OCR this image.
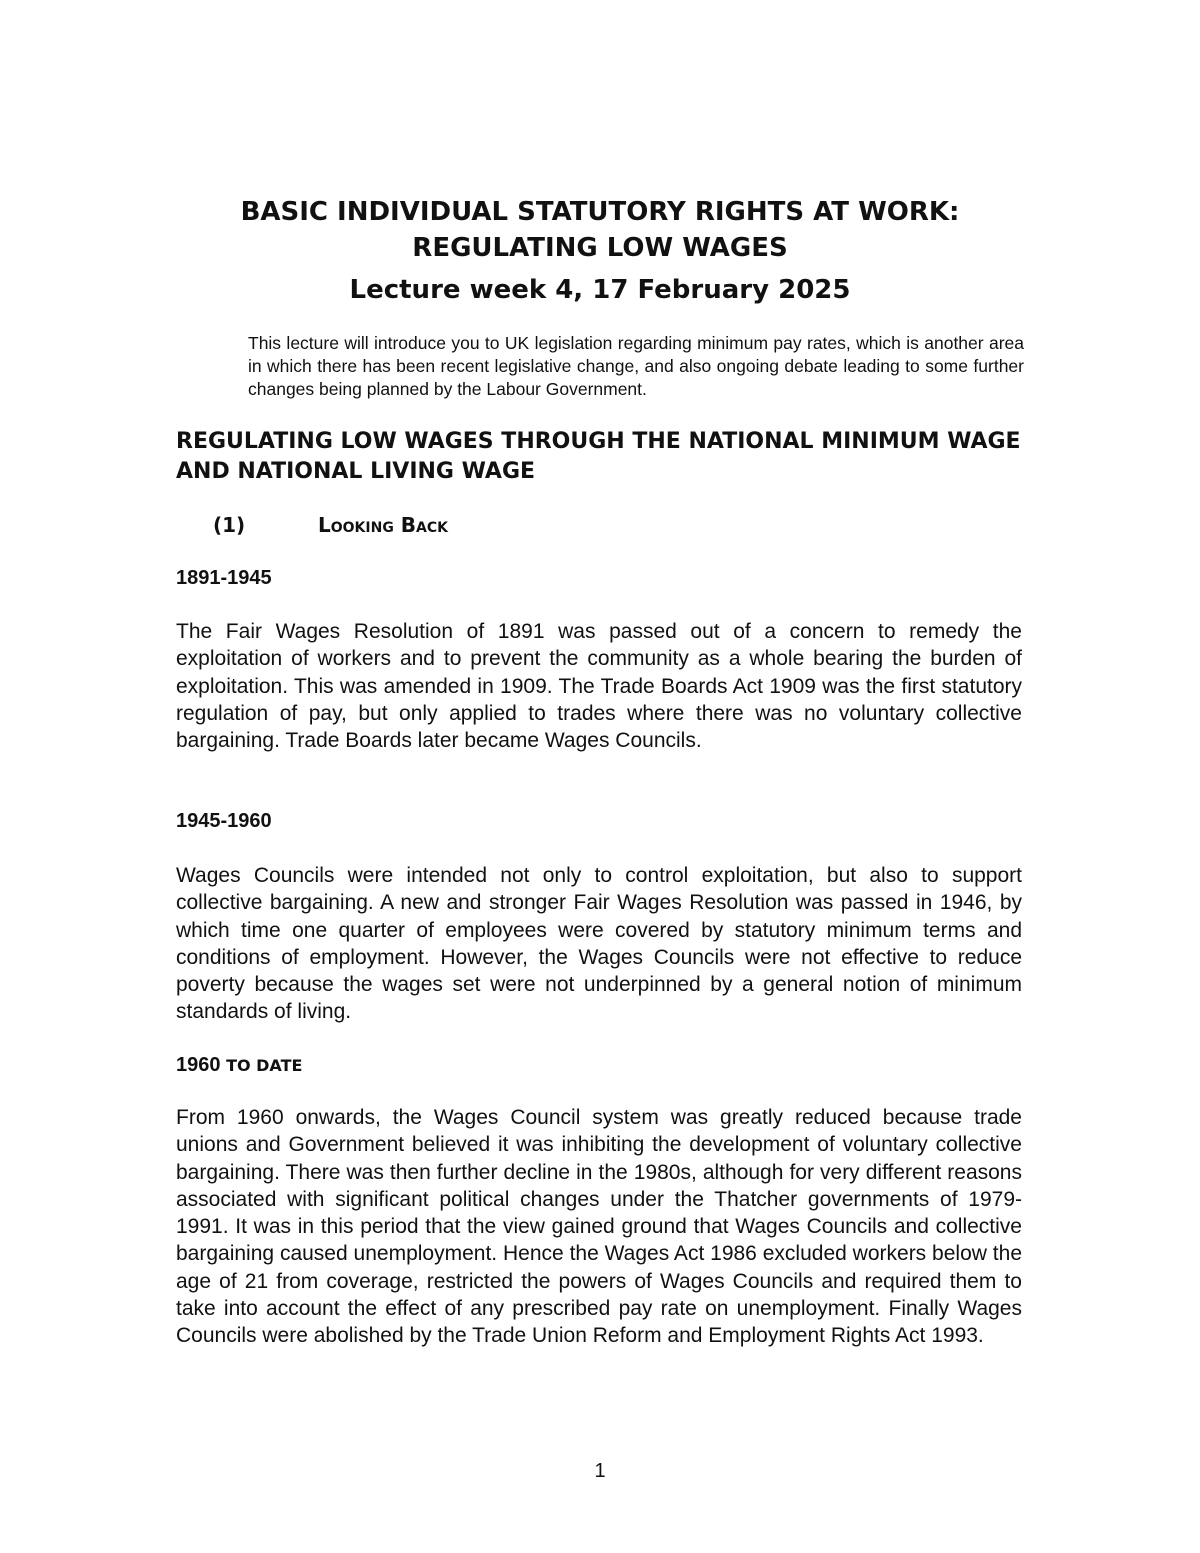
BASIC INDIVIDUAL STATUTORY RIGHTS AT WORK:
REGULATING LOW WAGES
Lecture week 4, 17 February 2025
This lecture will introduce you to UK legislation regarding minimum pay rates, which is another area in which there has been recent legislative change, and also ongoing debate leading to some further changes being planned by the Labour Government.
REGULATING LOW WAGES THROUGH THE NATIONAL MINIMUM WAGE AND NATIONAL LIVING WAGE
(1)	Looking Back
1891-1945
The Fair Wages Resolution of 1891 was passed out of a concern to remedy the exploitation of workers and to prevent the community as a whole bearing the burden of exploitation. This was amended in 1909. The Trade Boards Act 1909 was the first statutory regulation of pay, but only applied to trades where there was no voluntary collective bargaining. Trade Boards later became Wages Councils.
1945-1960
Wages Councils were intended not only to control exploitation, but also to support collective bargaining. A new and stronger Fair Wages Resolution was passed in 1946, by which time one quarter of employees were covered by statutory minimum terms and conditions of employment. However, the Wages Councils were not effective to reduce poverty because the wages set were not underpinned by a general notion of minimum standards of living.
1960 TO DATE
From 1960 onwards, the Wages Council system was greatly reduced because trade unions and Government believed it was inhibiting the development of voluntary collective bargaining. There was then further decline in the 1980s, although for very different reasons associated with significant political changes under the Thatcher governments of 1979-1991. It was in this period that the view gained ground that Wages Councils and collective bargaining caused unemployment. Hence the Wages Act 1986 excluded workers below the age of 21 from coverage, restricted the powers of Wages Councils and required them to take into account the effect of any prescribed pay rate on unemployment. Finally Wages Councils were abolished by the Trade Union Reform and Employment Rights Act 1993.
1
